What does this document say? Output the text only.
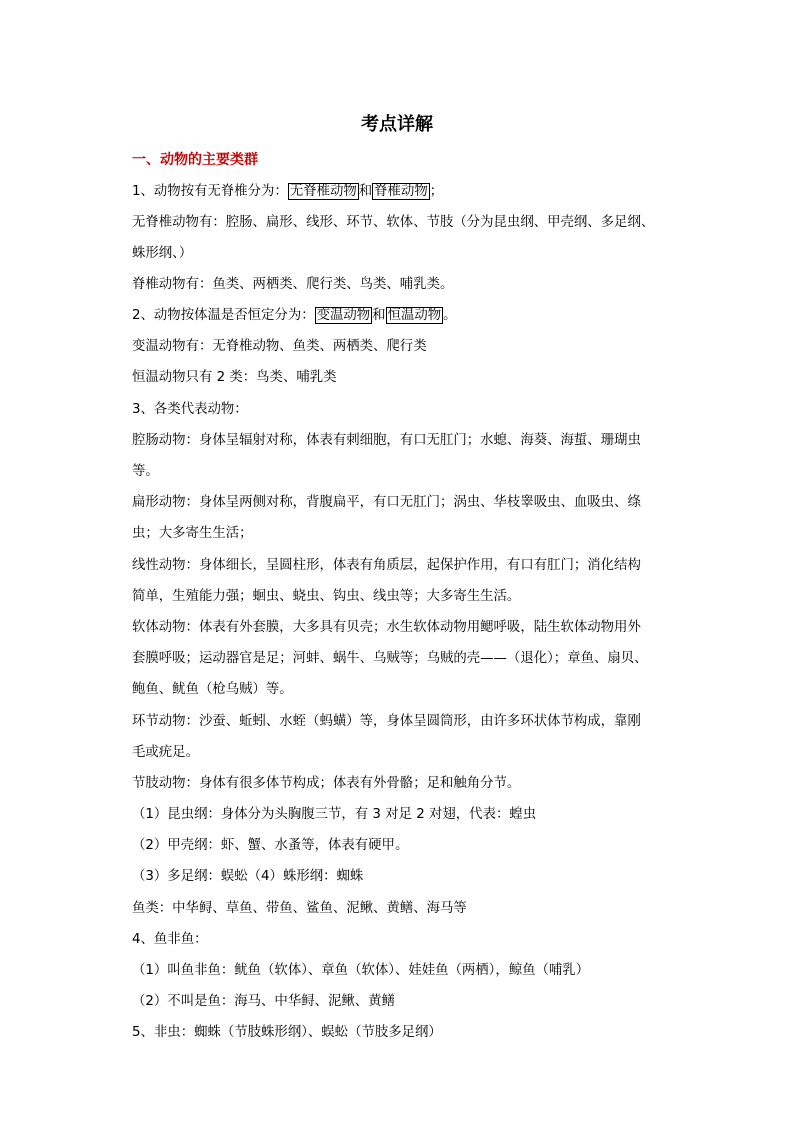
考点详解
一、动物的主要类群
1、动物按有无脊椎分为： 无脊椎动物 和 脊椎动物 ；
无脊椎动物有：腔肠、扁形、线形、环节、软体、节肢（分为昆虫纲、甲壳纲、多足纲、
蛛形纲、）
脊椎动物有：鱼类、两栖类、爬行类、鸟类、哺乳类。
2、动物按体温是否恒定分为： 变温动物 和 恒温动物 。
变温动物有：无脊椎动物、鱼类、两栖类、爬行类
恒温动物只有 2 类：鸟类、哺乳类
3、各类代表动物：
腔肠动物：身体呈辐射对称，体表有刺细胞，有口无肛门；水螅、海葵、海蜇、珊瑚虫
等。
扁形动物：身体呈两侧对称，背腹扁平，有口无肛门；涡虫、华枝睾吸虫、血吸虫、绦
虫；大多寄生生活；
线性动物：身体细长，呈圆柱形，体表有角质层，起保护作用，有口有肛门；消化结构
简单，生殖能力强；蛔虫、蛲虫、钩虫、线虫等；大多寄生生活。
软体动物：体表有外套膜，大多具有贝壳；水生软体动物用鳃呼吸，陆生软体动物用外
套膜呼吸；运动器官是足；河蚌、蜗牛、乌贼等；乌贼的壳——（退化）；章鱼、扇贝、
鲍鱼、鱿鱼（枪乌贼）等。
环节动物：沙蚕、蚯蚓、水蛭（蚂蟥）等，身体呈圆筒形，由许多环状体节构成，靠刚
毛或疣足。
节肢动物：身体有很多体节构成；体表有外骨骼；足和触角分节。
（1）昆虫纲：身体分为头胸腹三节，有 3 对足 2 对翅，代表：蝗虫
（2）甲壳纲：虾、蟹、水蚤等，体表有硬甲。
（3）多足纲：蜈蚣（4）蛛形纲：蜘蛛
鱼类：中华鲟、草鱼、带鱼、鲨鱼、泥鳅、黄鳝、海马等
4、鱼非鱼：
（1）叫鱼非鱼：鱿鱼（软体）、章鱼（软体）、娃娃鱼（两栖），鲸鱼（哺乳）
（2）不叫是鱼：海马、中华鲟、泥鳅、黄鳝
5、非虫：蜘蛛（节肢蛛形纲）、蜈蚣（节肢多足纲）
